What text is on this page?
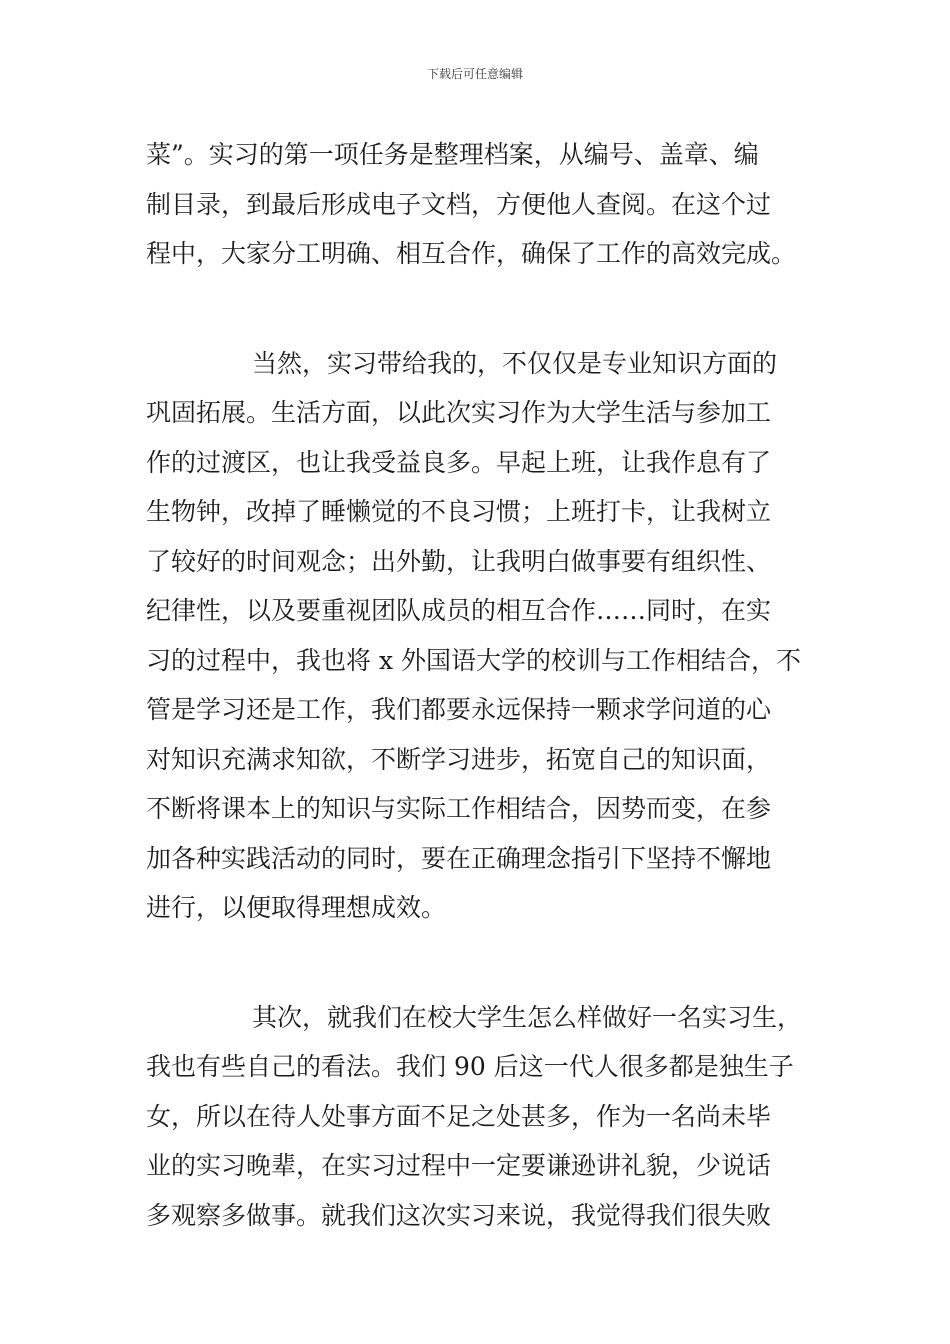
下载后可任意编辑
菜”。实习的第一项任务是整理档案，从编号、盖章、编
制目录，到最后形成电子文档，方便他人查阅。在这个过
程中，大家分工明确、相互合作，确保了工作的高效完成。
当然，实习带给我的，不仅仅是专业知识方面的
巩固拓展。生活方面，以此次实习作为大学生活与参加工
作的过渡区，也让我受益良多。早起上班，让我作息有了
生物钟，改掉了睡懒觉的不良习惯；上班打卡，让我树立
了较好的时间观念；出外勤，让我明白做事要有组织性、
纪律性，以及要重视团队成员的相互合作……同时，在实
习的过程中，我也将 x 外国语大学的校训与工作相结合，不
管是学习还是工作，我们都要永远保持一颗求学问道的心
对知识充满求知欲，不断学习进步，拓宽自己的知识面，
不断将课本上的知识与实际工作相结合，因势而变，在参
加各种实践活动的同时，要在正确理念指引下坚持不懈地
进行，以便取得理想成效。
其次，就我们在校大学生怎么样做好一名实习生，
我也有些自己的看法。我们 90 后这一代人很多都是独生子
女，所以在待人处事方面不足之处甚多，作为一名尚未毕
业的实习晚辈，在实习过程中一定要谦逊讲礼貌，少说话
多观察多做事。就我们这次实习来说，我觉得我们很失败
